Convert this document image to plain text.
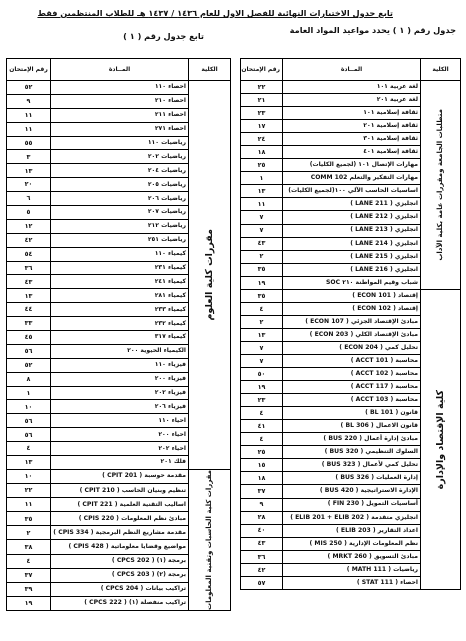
تابع جدول الاختبارات النهائية للفصل الاول للعام ١٤٣٦ / ١٤٣٧ هـ للطلاب المنتظمين فقط
جدول رقم ( ١ ) يحدد مواعيد المواد العامة
تابع جدول رقم ( ١ )
الكلية	المــادة	رقم الإمتحان

متطلبات الجامعة ومقررات عامة بكلية الآداب	لغة عربية ١٠١	٢٢
	لغة عربية ٢٠١	٢١
	ثقافة إسلامية ١٠١	٢٣
	ثقافة إسلامية ٢٠١	١٧
	ثقافة إسلامية ٣٠١	٢٤
	ثقافة إسلامية ٤٠١	١٨
	مهارات الإتصال ١٠١ (لجميع الكليات)	٢٥
	مهارات التفكير والتعلم COMM 102	١
	اساسيات الحاسب الآلي ١٠٠(لجميع الكليات)	١٣
	انجليزي ( LANE 211 )	١١
	انجليزي ( LANE 212 )	٧
	انجليزي ( LANE 213 )	٧
	انجليزي ( LANE 214 )	٤٣
	انجليزي ( LANE 215 )	٢
	انجليزي ( LANE 216 )	٣٥
	شباب وقيم المواطنة ٢١٠ SOC	١٩

كلية الإقتصاد والإدارة	إقتصاد ( ECON 101 )	٣٥
	إقتصاد ( ECON 102 )	٤
	مبادئ الإقتصاد الجزئي ( ECON 107 )	٢
	مبادئ الإقتصاد الكلي ( ECON 203 )	١٣
	تحليل كمي ( ECON 204 )	٧
	محاسبة ( ACCT 101 )	٧
	محاسبة ( ACCT 102 )	٥٠
	محاسبة ( ACCT 117 )	١٩
	محاسبة ( ACCT 103 )	٢٣
	قانون ( BL 101 )	٤
	قانون الاعمال ( BL 306 )	٤١
	مبادئ إدارة أعمال ( BUS 220 )	٤
	السلوك التنظيمي ( BUS 320 )	٢٥
	تحليل كمي لأعمال ( BUS 323 )	١٥
	إدارة العمليات ( BUS 326 )	١٨
	الإدارة الاستراتيجية ( BUS 420 )	٣٧
	أساسيات التمويل ( FIN 230 )	٩
	انجليزي متقدمة ( ELIB 201 + ELIB 202 )	٢٨
	اعداد التقارير ( ELIB 203 )	٤٠
	نظم المعلومات الإدارية ( MIS 250 )	٤٣
	مبادئ التسويق ( MRKT 260 )	٣٦
	رياضيات ( MATH 111 )	٤٢
	احصاء ( STAT 111 )	٥٧
الكلية	المــادة	رقم الإمتحان

مقررات كلية العلوم	احصاء ١١٠	٥٢
	احصاء ٢١٠	٩
	احصاء ٢١١	١١
	احصاء ٢٧١	١١
	رياضيات ١١٠	٥٥
	رياضيات ٢٠٢	٣
	رياضيات ٢٠٤	١٣
	رياضيات ٢٠٥	٢٠
	رياضيات ٢٠٦	٦
	رياضيات ٢٠٧	٥
	رياضيات ٢١٢	١٢
	رياضيات ٢٥١	٤٢
	كيمياء ١١٠	٥٤
	كيمياء ٢٣١	٣٦
	كيمياء ٢٤١	٤٣
	كيمياء ٢٨١	١٣
	كيمياء ٢٣٣	٤٤
	كيمياء ٢٣٢	٣٣
	كيمياء ٣١٧	٤٥
	الكيمياء الحيوية ٢٠٠	٥٦
	فيزياء ١١٠	٥٢
	فيزياء ٢٠٠	٨
	فيزياء ٢٠٢	١
	فيزياء ٢٠٦	١٠
	احياء ١١٠	٥٦
	احياء ٢٠٠	٥٦
	احياء ٢٠٢	٤
	فلك ٢٠١	١٣

مقررات كلية الحاسبات وتقنية المعلومات	مقدمة حوسبة ( CPIT 201 )	١٠
	تنظيم وبنيان الحاسب ( CPIT 210 )	٢٢
	اساليب التقنية العلمية ( CPIT 221 )	١١
	مبادئ نظم المعلومات ( CPIS 220 )	٣٥
	مقدمة مشاريع النظم البرمجية ( CPIS 334 )	٢
	مواضيع وقضايا معلوماتية ( CPIS 428 )	٣٨
	برمجة (١) ( CPCS 202 )	٤
	برمجة (٢) ( CPCS 203 )	٣٧
	تراكيب بيانات ( CPCS 204 )	٣٩
	تراكيب منفصلة (١) ( CPCS 222 )	١٩
